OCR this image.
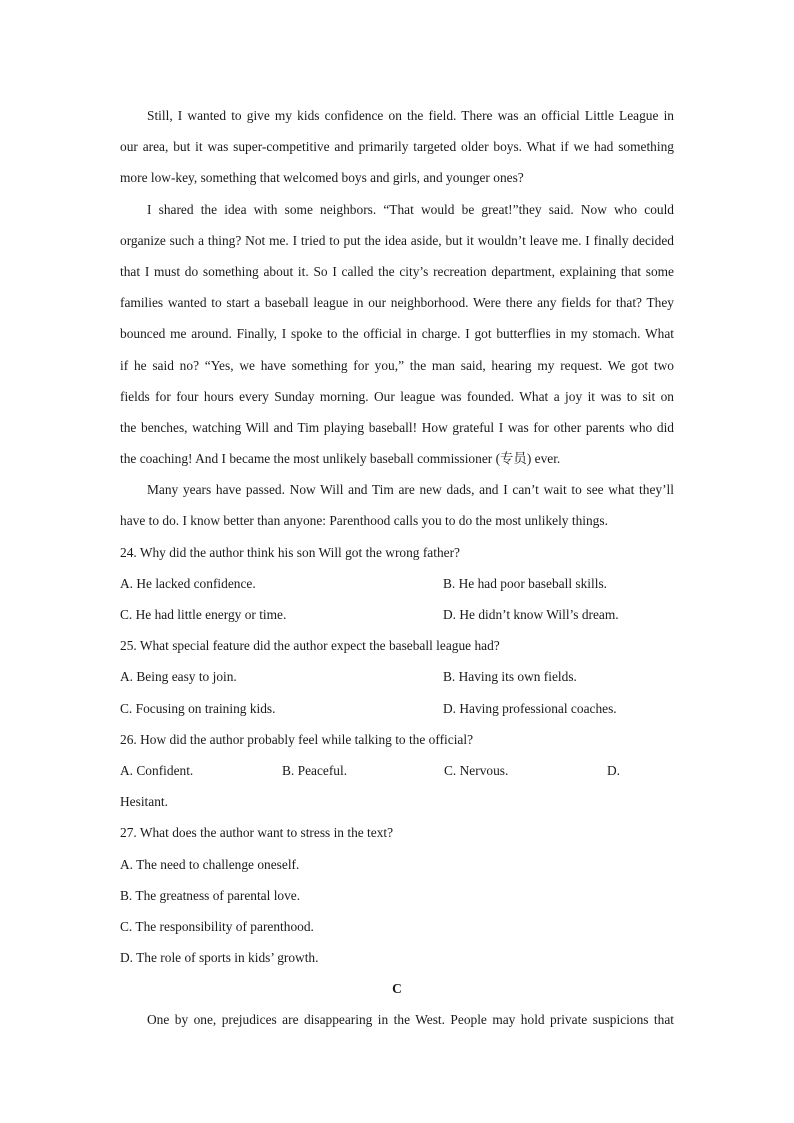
Still, I wanted to give my kids confidence on the field. There was an official Little League in
our area, but it was super-competitive and primarily targeted older boys. What if we had something
more low-key, something that welcomed boys and girls, and younger ones?
I shared the idea with some neighbors. “That would be great!”they said. Now who could
organize such a thing? Not me. I tried to put the idea aside, but it wouldn’t leave me. I finally decided
that I must do something about it. So I called the city’s recreation department, explaining that some
families wanted to start a baseball league in our neighborhood. Were there any fields for that? They
bounced me around. Finally, I spoke to the official in charge. I got butterflies in my stomach. What
if he said no? “Yes, we have something for you,” the man said, hearing my request. We got two
fields for four hours every Sunday morning. Our league was founded. What a joy it was to sit on
the benches, watching Will and Tim playing baseball! How grateful I was for other parents who did
the coaching! And I became the most unlikely baseball commissioner (专员) ever.
Many years have passed. Now Will and Tim are new dads, and I can’t wait to see what they’ll
have to do. I know better than anyone: Parenthood calls you to do the most unlikely things.
24. Why did the author think his son Will got the wrong father?
A. He lacked confidence.	B. He had poor baseball skills.
C. He had little energy or time.	D. He didn’t know Will’s dream.
25. What special feature did the author expect the baseball league had?
A. Being easy to join.	B. Having its own fields.
C. Focusing on training kids.	D. Having professional coaches.
26. How did the author probably feel while talking to the official?
A. Confident.	B. Peaceful.	C. Nervous.	D.
Hesitant.
27. What does the author want to stress in the text?
A. The need to challenge oneself.
B. The greatness of parental love.
C. The responsibility of parenthood.
D. The role of sports in kids’ growth.
C
One by one, prejudices are disappearing in the West. People may hold private suspicions that
